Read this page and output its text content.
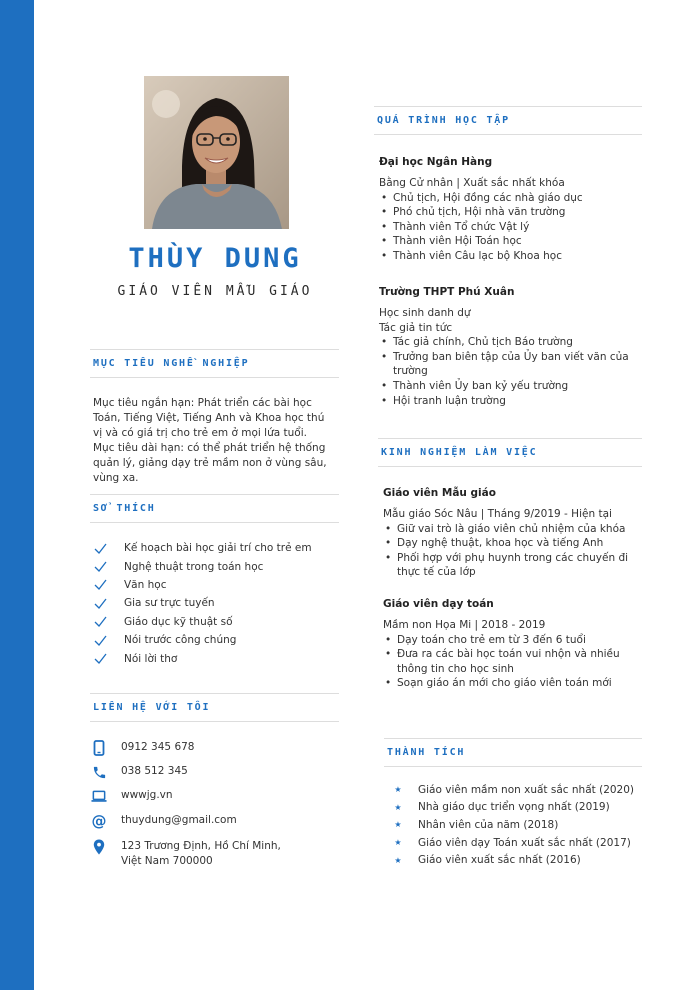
THÙY DUNG
GIÁO VIÊN MẪU GIÁO
MỤC TIÊU NGHỀ NGHIỆP
Mục tiêu ngắn hạn: Phát triển các bài học
Toán, Tiếng Việt, Tiếng Anh và Khoa học thú
vị và có giá trị cho trẻ em ở mọi lứa tuổi.
Mục tiêu dài hạn: có thể phát triển hệ thống
quản lý, giảng dạy trẻ mầm non ở vùng sâu,
vùng xa.
SỞ THÍCH
Kế hoạch bài học giải trí cho trẻ em
Nghệ thuật trong toán học
Văn học
Gia sư trực tuyến
Giáo dục kỹ thuật số
Nói trước công chúng
Nói lời thơ
LIÊN HỆ VỚI TÔI
0912 345 678
038 512 345
wwwjg.vn
@ thuydung@gmail.com
123 Trương Định, Hồ Chí Minh,
Việt Nam 700000
QUÁ TRÌNH HỌC TẬP
Đại học Ngân Hàng
Bằng Cử nhân | Xuất sắc nhất khóa
• Chủ tịch, Hội đồng các nhà giáo dục
• Phó chủ tịch, Hội nhà văn trường
• Thành viên Tổ chức Vật lý
• Thành viên Hội Toán học
• Thành viên Câu lạc bộ Khoa học
Trường THPT Phú Xuân
Học sinh danh dự
Tác giả tin tức
• Tác giả chính, Chủ tịch Báo trường
• Trưởng ban biên tập của Ủy ban viết văn của trường
• Thành viên Ủy ban kỷ yếu trường
• Hội tranh luận trường
KINH NGHIỆM LÀM VIỆC
Giáo viên Mẫu giáo
Mẫu giáo Sóc Nâu | Tháng 9/2019 - Hiện tại
• Giữ vai trò là giáo viên chủ nhiệm của khóa
• Dạy nghệ thuật, khoa học và tiếng Anh
• Phối hợp với phụ huynh trong các chuyến đi thực tế của lớp
Giáo viên dạy toán
Mầm non Họa Mi | 2018 - 2019
• Dạy toán cho trẻ em từ 3 đến 6 tuổi
• Đưa ra các bài học toán vui nhộn và nhiều thông tin cho học sinh
• Soạn giáo án mới cho giáo viên toán mới
THÀNH TÍCH
★ Giáo viên mầm non xuất sắc nhất (2020)
★ Nhà giáo dục triển vọng nhất (2019)
★ Nhân viên của năm (2018)
★ Giáo viên dạy Toán xuất sắc nhất (2017)
★ Giáo viên xuất sắc nhất (2016)
